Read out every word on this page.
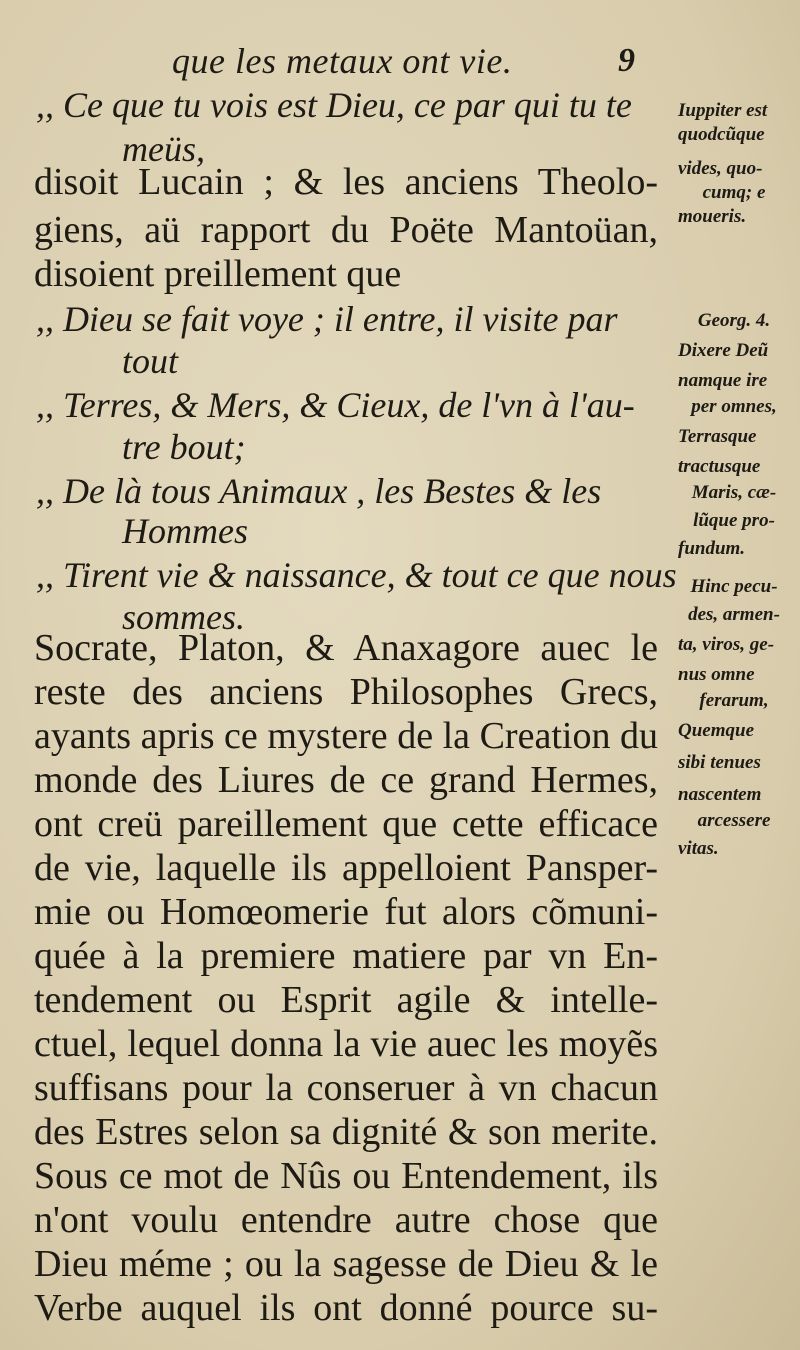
que les metaux ont vie.	9
,, Ce que tu vois est Dieu, ce par qui tu te
meüs,
disoit Lucain ; & les anciens Theolo-
giens, aü rapport du Poëte Mantoüan,
disoient preillement que
,, Dieu se fait voye ; il entre, il visite par
tout
,, Terres, & Mers, & Cieux, de l'vn à l'au-
tre bout;
,, De là tous Animaux , les Bestes & les
Hommes
,, Tirent vie & naissance, & tout ce que nous
sommes.
Socrate, Platon, & Anaxagore auec le
reste des anciens Philosophes Grecs,
ayants apris ce mystere de la Creation du
monde des Liures de ce grand Hermes,
ont creü pareillement que cette efficace
de vie, laquelle ils appelloient Pansper-
mie ou Homœomerie fut alors cõmuni-
quée à la premiere matiere par vn En-
tendement ou Esprit agile & intelle-
ctuel, lequel donna la vie auec les moyẽs
suffisans pour la conseruer à vn chacun
des Estres selon sa dignité & son merite.
Sous ce mot de Nûs ou Entendement, ils
n'ont voulu entendre autre chose que
Dieu méme ; ou la sagesse de Dieu & le
Verbe auquel ils ont donné pource su-
Iuppiter est
quodcũque
vides, quo-
cumq; e
moueris.
Georg. 4.
Dixere Deũ
namque ire
per omnes,
Terrasque
tractusque
Maris, cæ-
lũque pro-
fundum.
Hinc pecu-
des, armen-
ta, viros, ge-
nus omne
ferarum,
Quemque
sibi tenues
nascentem
arcessere
vitas.
